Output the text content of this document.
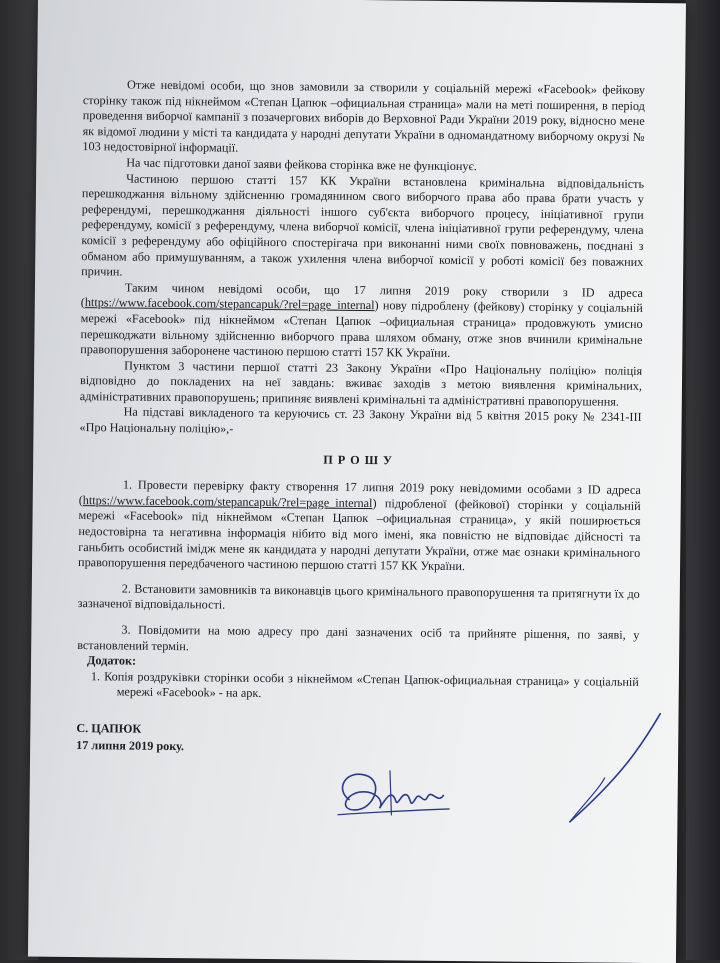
Отже невідомі особи, що знов замовили за створили у соціальній мережі «Facebook» фейкову сторінку також під нікнеймом «Степан Цапюк –официальная страница» мали на меті поширення, в період проведення виборчої кампанії з позачергових виборів до Верховної Ради України 2019 року, відносно мене як відомої людини у місті та кандидата у народні депутати України в одномандатному виборчому окрузі № 103 недостовірної інформації.

На час підготовки даної заяви фейкова сторінка вже не функціонує.

Частиною першою статті 157 КК України встановлена кримінальна відповідальність перешкоджання вільному здійсненню громадянином свого виборчого права або права брати участь у референдумі, перешкоджання діяльності іншого суб'єкта виборчого процесу, ініціативної групи референдуму, комісії з референдуму, члена виборчої комісії, члена ініціативної групи референдуму, члена комісії з референдуму або офіційного спостерігача при виконанні ними своїх повноважень, поєднані з обманом або примушуванням, а також ухилення члена виборчої комісії у роботі комісії без поважних причин.

Таким чином невідомі особи, що 17 липня 2019 року створили з ID адреса (https://www.facebook.com/stepancapuk/?rel=page_internal) нову підроблену (фейкову) сторінку у соціальній мережі «Facebook» під нікнеймом «Степан Цапюк –официальная страница» продовжують умисно перешкоджати вільному здійсненню виборчого права шляхом обману, отже знов вчинили кримінальне правопорушення заборонене частиною першою статті 157 КК України.

Пунктом 3 частини першої статті 23 Закону України «Про Національну поліцію» поліція відповідно до покладених на неї завдань: вживає заходів з метою виявлення кримінальних, адміністративних правопорушень; припиняє виявлені кримінальні та адміністративні правопорушення.

На підставі викладеного та керуючись ст. 23 Закону України від 5 квітня 2015 року № 2341-ІІІ «Про Національну поліцію»,-

ПРОШУ

1. Провести перевірку факту створення 17 липня 2019 року невідомими особами з ID адреса (https://www.facebook.com/stepancapuk/?rel=page_internal) підробленої (фейкової) сторінки у соціальній мережі «Facebook» під нікнеймом «Степан Цапюк –официальная страница», у якій поширюється недостовірна та негативна інформація нібито від мого імені, яка повністю не відповідає дійсності та ганьбить особистий імідж мене як кандидата у народні депутати України, отже має ознаки кримінального правопорушення передбаченого частиною першою статті 157 КК України.

2. Встановити замовників та виконавців цього кримінального правопорушення та притягнути їх до зазначеної відповідальності.

3. Повідомити на мою адресу про дані зазначених осіб та прийняте рішення, по заяві, у встановлений термін.

Додаток:

1. Копія роздруківки сторінки особи з нікнеймом «Степан Цапюк-официальная страница» у соціальній мережі «Facebook» - на арк.

С. ЦАПЮК
17 липня 2019 року.
